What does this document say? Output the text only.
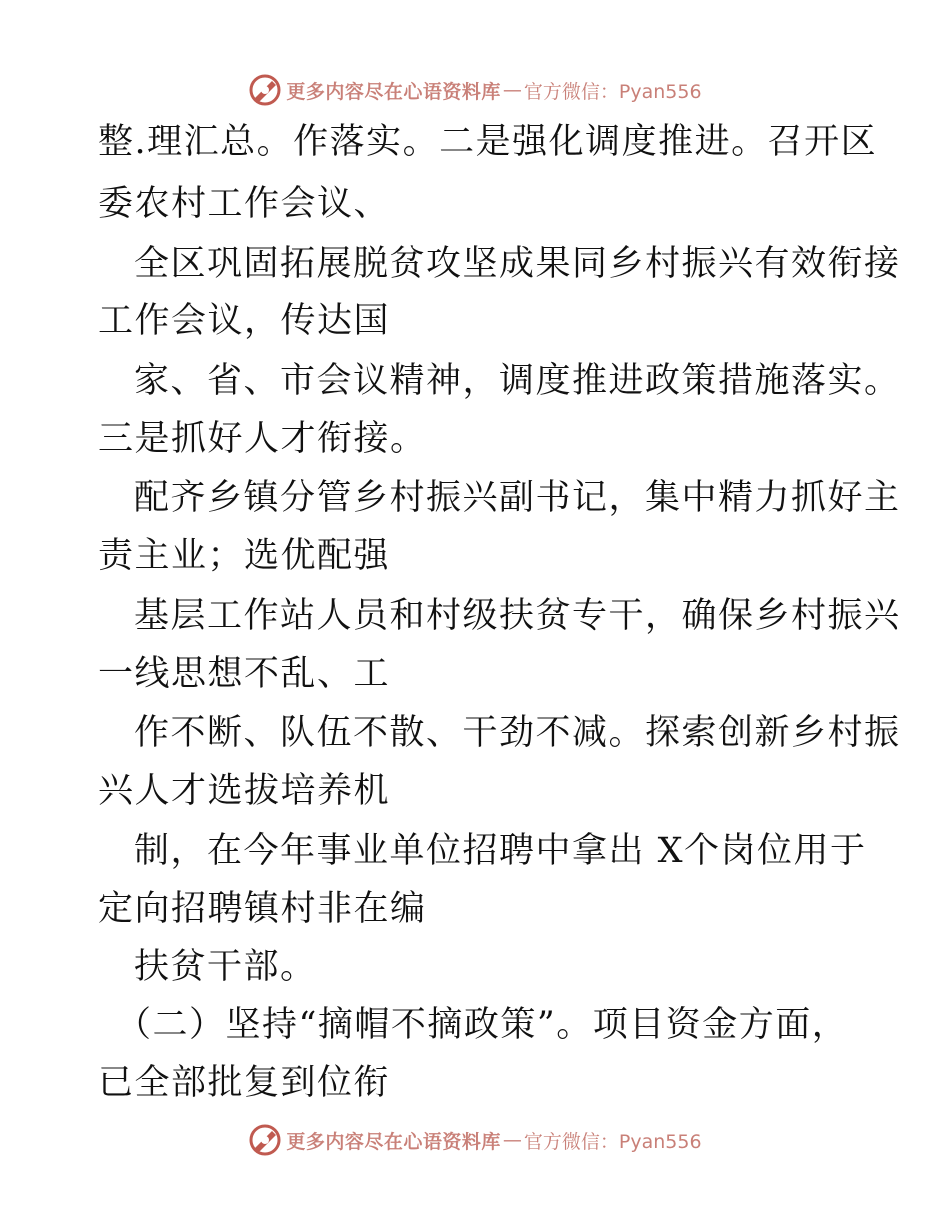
更多内容尽在心语资料库 — 官方微信：Pyan556
整.理汇总。作落实。二是强化调度推进。召开区
委农村工作会议、
全区巩固拓展脱贫攻坚成果同乡村振兴有效衔接
工作会议，传达国
家、省、市会议精神，调度推进政策措施落实。
三是抓好人才衔接。
配齐乡镇分管乡村振兴副书记，集中精力抓好主
责主业；选优配强
基层工作站人员和村级扶贫专干，确保乡村振兴
一线思想不乱、工
作不断、队伍不散、干劲不减。探索创新乡村振
兴人才选拔培养机
制，在今年事业单位招聘中拿出 X个岗位用于
定向招聘镇村非在编
扶贫干部。
（二）坚持“摘帽不摘政策”。项目资金方面，
已全部批复到位衔
更多内容尽在心语资料库 — 官方微信：Pyan556
